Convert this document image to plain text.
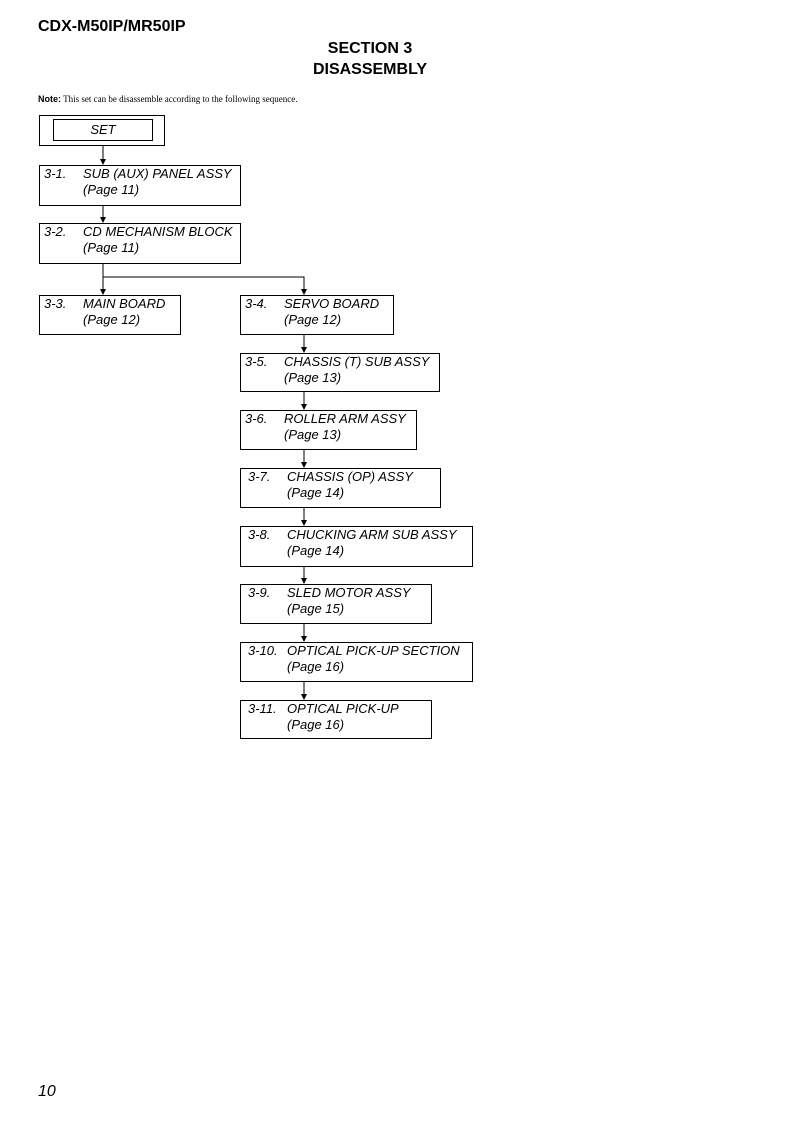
CDX-M50IP/MR50IP
SECTION 3
DISASSEMBLY
Note: This set can be disassemble according to the following sequence.
SET
3-1. SUB (AUX) PANEL ASSY
(Page 11)
3-2. CD MECHANISM BLOCK
(Page 11)
3-3. MAIN BOARD
(Page 12)
3-4. SERVO BOARD
(Page 12)
3-5. CHASSIS (T) SUB ASSY
(Page 13)
3-6. ROLLER ARM ASSY
(Page 13)
3-7. CHASSIS (OP) ASSY
(Page 14)
3-8. CHUCKING ARM SUB ASSY
(Page 14)
3-9. SLED MOTOR ASSY
(Page 15)
3-10. OPTICAL PICK-UP SECTION
(Page 16)
3-11. OPTICAL PICK-UP
(Page 16)
10
